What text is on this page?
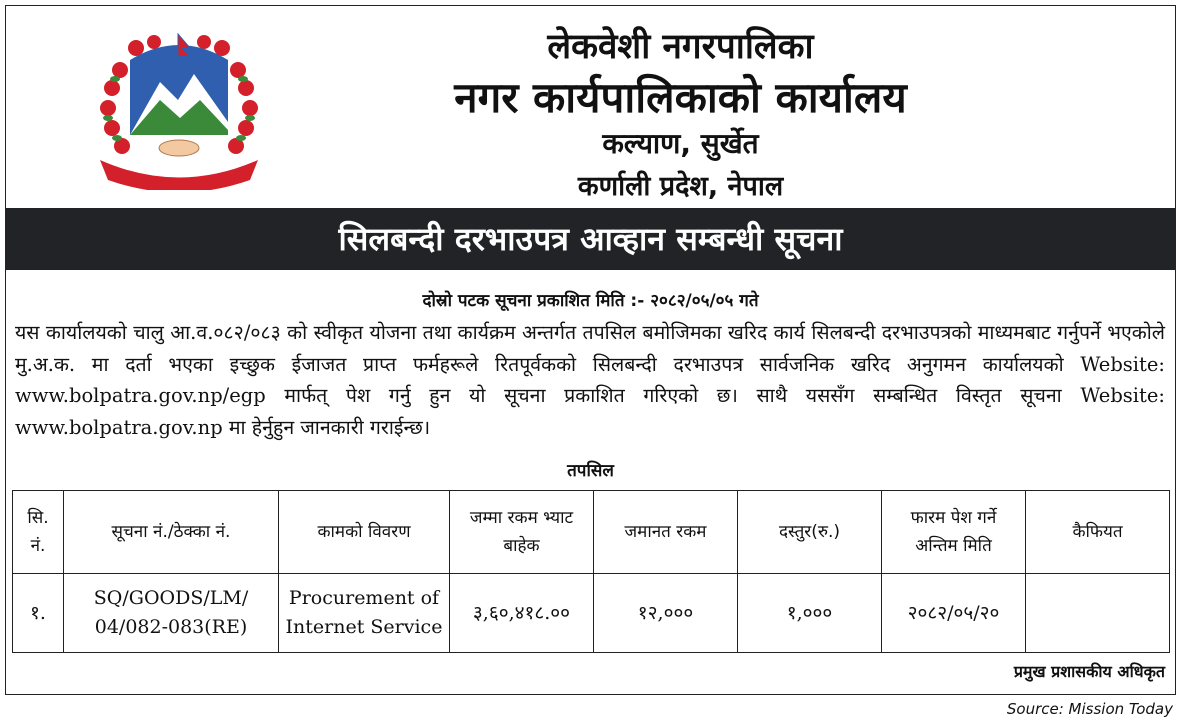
लेकवेशी नगरपालिका
नगर कार्यपालिकाको कार्यालय
कल्याण, सुर्खेत
कर्णाली प्रदेश, नेपाल
सिलबन्दी दरभाउपत्र आव्हान सम्बन्धी सूचना
दोस्रो पटक सूचना प्रकाशित मिति :- २०८२/०५/०५ गते

यस कार्यालयको चालु आ.व.०८२/०८३ को स्वीकृत योजना तथा कार्यक्रम अन्तर्गत तपसिल बमोजिमका खरिद कार्य सिलबन्दी दरभाउपत्रको माध्यमबाट गर्नुपर्ने भएकोले मु.अ.क. मा दर्ता भएका इच्छुक ईजाजत प्राप्त फर्महरूले रितपूर्वकको सिलबन्दी दरभाउपत्र सार्वजनिक खरिद अनुगमन कार्यालयको Website: www.bolpatra.gov.np/egp मार्फत् पेश गर्नु हुन यो सूचना प्रकाशित गरिएको छ। साथै यससँग सम्बन्धित विस्तृत सूचना Website: www.bolpatra.gov.np मा हेर्नुहुन जानकारी गराईन्छ।

तपसिल
सि. नं.	सूचना नं./ठेक्का नं.	कामको विवरण	जम्मा रकम भ्याट बाहेक	जमानत रकम	दस्तुर(रु.)	फारम पेश गर्ने अन्तिम मिति	कैफियत
१.	SQ/GOODS/LM/ 04/082-083(RE)	Procurement of Internet Service	३,६०,४१८.००	१२,०००	१,०००	२०८२/०५/२०	
प्रमुख प्रशासकीय अधिकृत
Source: Mission Today
